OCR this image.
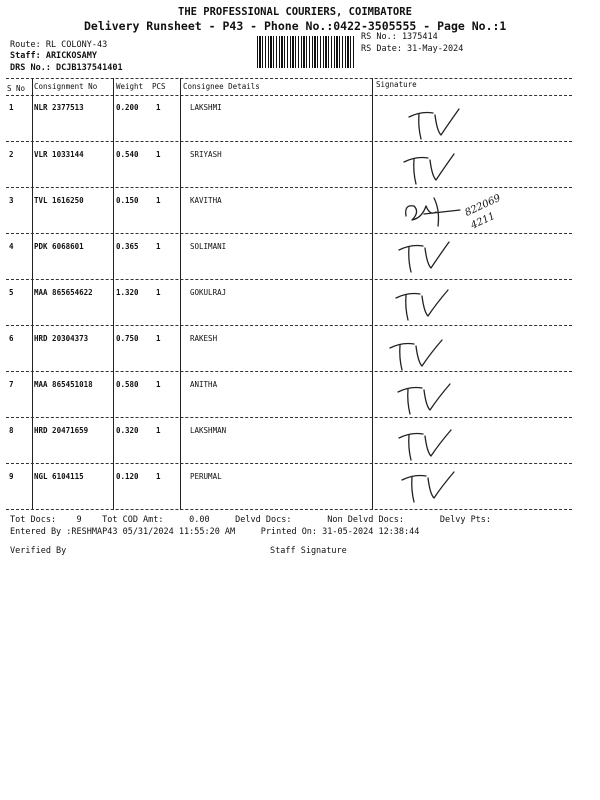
THE PROFESSIONAL COURIERS, COIMBATORE
Delivery Runsheet - P43 - Phone No.:0422-3505555 - Page No.:1
Route: RL COLONY-43
Staff: ARICKOSAMY
DRS No.: DCJB137541401
RS No.: 1375414
RS Date: 31-May-2024
S No Consignment No	Weight PCS Consignee Details	Signature
1	NLR 2377513	0.200 1	LAKSHMI
2	VLR 1033144	0.540 1	SRIYASH
3	TVL 1616250	0.150 1	KAVITHA
4	PDK 6068601	0.365 1	SOLIMANI
5	MAA 865654622	1.320 1	GOKULRAJ
6	HRD 20304373	0.750 1	RAKESH
7	MAA 865451018	0.580 1	ANITHA
8	HRD 20471659	0.320 1	LAKSHMAN
9	NGL 6104115	0.120 1	PERUMAL
822069 4211
Tot Docs:    9    Tot COD Amt:     0.00     Delvd Docs:       Non Delvd Docs:       Delvy Pts:
Entered By :RESHMAP43 05/31/2024 11:55:20 AM     Printed On: 31-05-2024 12:38:44
Verified By	Staff Signature
